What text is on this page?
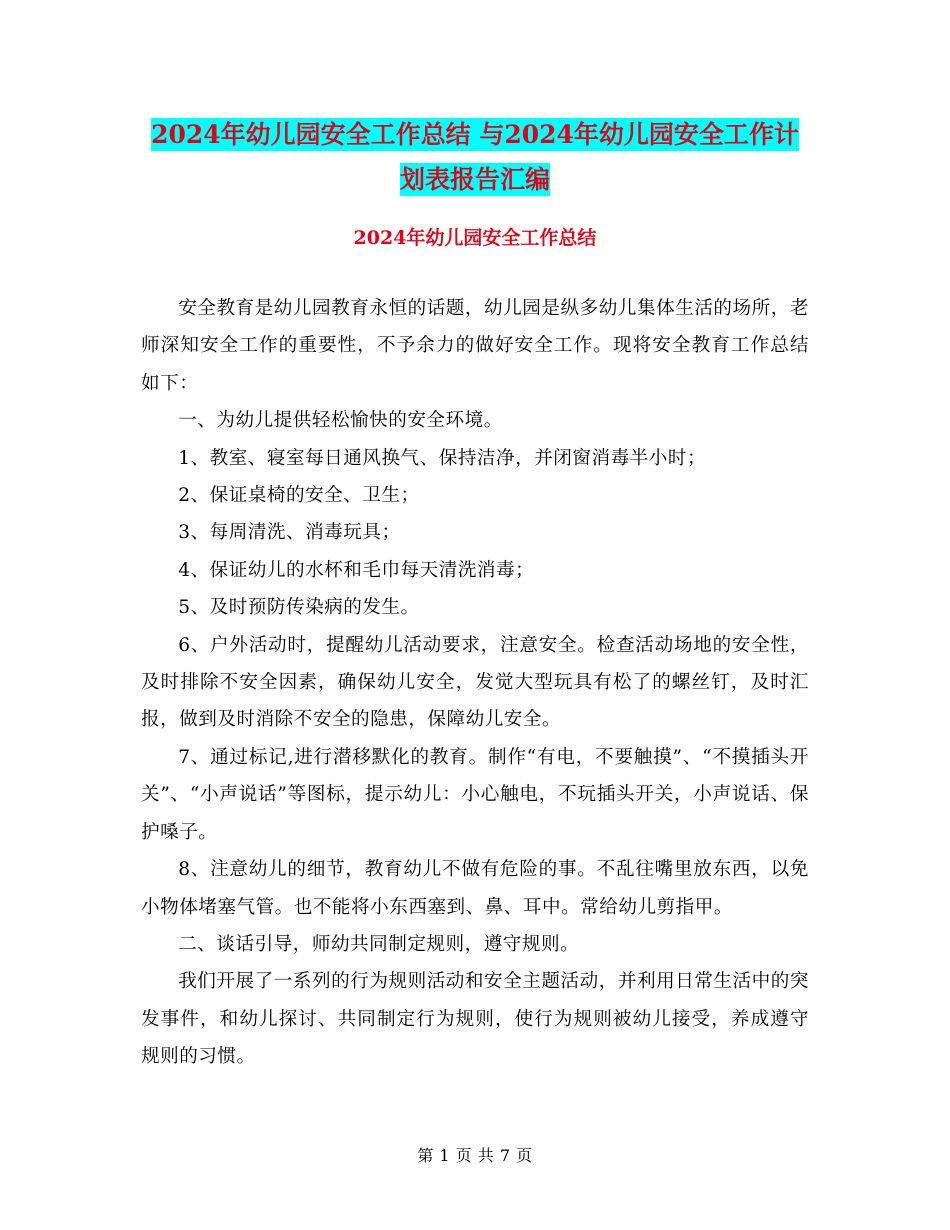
2024年幼儿园安全工作总结 与2024年幼儿园安全工作计划表报告汇编
2024年幼儿园安全工作总结

安全教育是幼儿园教育永恒的话题，幼儿园是纵多幼儿集体生活的场所，老师深知安全工作的重要性，不予余力的做好安全工作。现将安全教育工作总结如下：

一、为幼儿提供轻松愉快的安全环境。

1、教室、寝室每日通风换气、保持洁净，并闭窗消毒半小时；

2、保证桌椅的安全、卫生；

3、每周清洗、消毒玩具；

4、保证幼儿的水杯和毛巾每天清洗消毒；

5、及时预防传染病的发生。

6、户外活动时，提醒幼儿活动要求，注意安全。检查活动场地的安全性，及时排除不安全因素，确保幼儿安全，发觉大型玩具有松了的螺丝钉，及时汇报，做到及时消除不安全的隐患，保障幼儿安全。

7、通过标记,进行潜移默化的教育。制作“有电，不要触摸”、“不摸插头开关”、“小声说话”等图标，提示幼儿：小心触电，不玩插头开关，小声说话、保护嗓子。

8、注意幼儿的细节，教育幼儿不做有危险的事。不乱往嘴里放东西，以免小物体堵塞气管。也不能将小东西塞到、鼻、耳中。常给幼儿剪指甲。

二、谈话引导，师幼共同制定规则，遵守规则。

我们开展了一系列的行为规则活动和安全主题活动，并利用日常生活中的突发事件，和幼儿探讨、共同制定行为规则，使行为规则被幼儿接受，养成遵守规则的习惯。

第 1 页 共 7 页
